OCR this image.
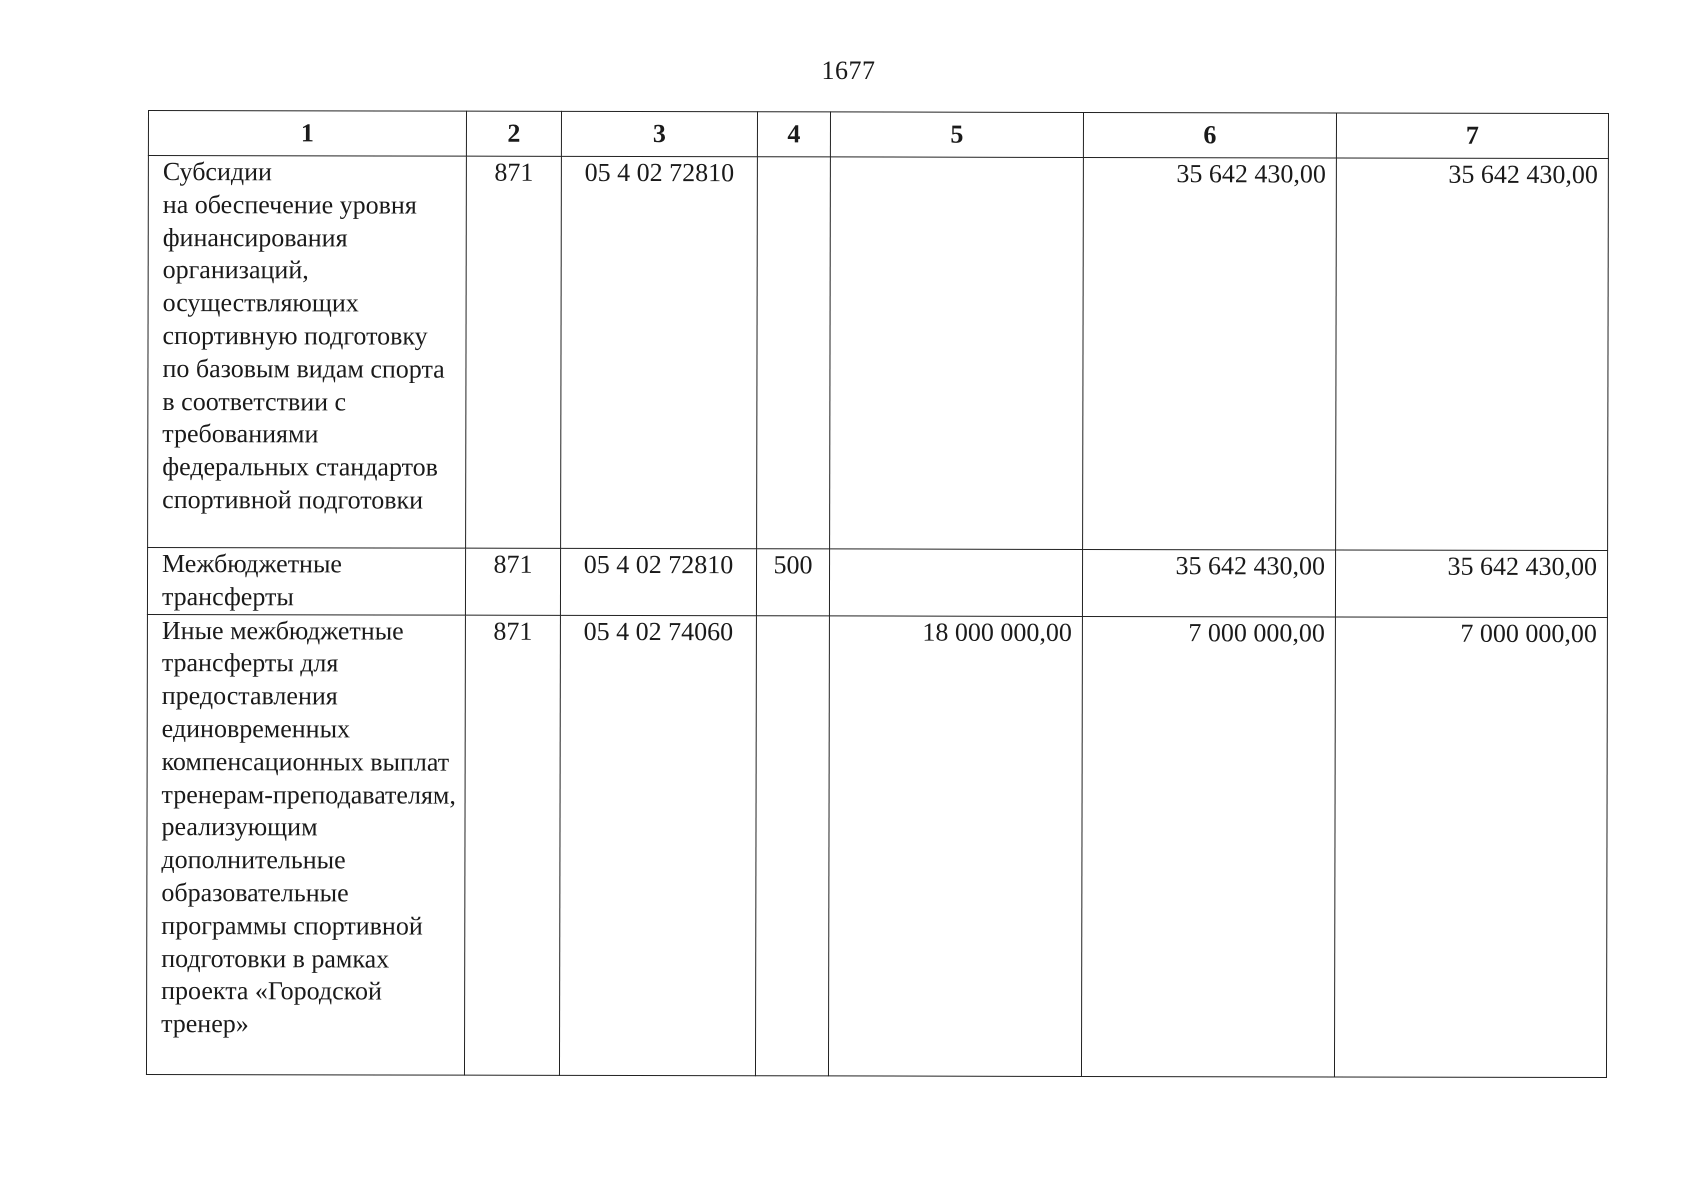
1677
1	2	3	4	5	6	7

Субсидии
на обеспечение уровня финансирования организаций, осуществляющих спортивную подготовку по базовым видам спорта в соответствии с требованиями федеральных стандартов спортивной подготовки	871	05 4 02 72810			35 642 430,00	35 642 430,00
Межбюджетные трансферты	871	05 4 02 72810	500		35 642 430,00	35 642 430,00
Иные межбюджетные трансферты для предоставления единовременных компенсационных выплат тренерам-преподавателям, реализующим дополнительные образовательные программы спортивной подготовки в рамках проекта «Городской тренер»	871	05 4 02 74060		18 000 000,00	7 000 000,00	7 000 000,00
